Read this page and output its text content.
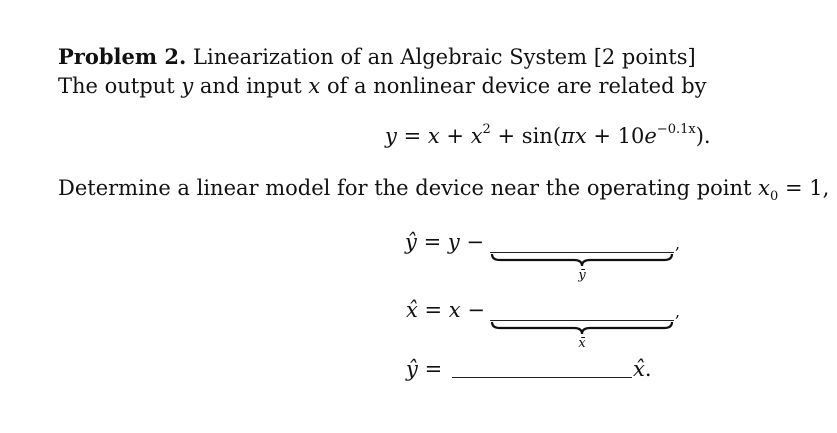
Problem 2. Linearization of an Algebraic System [2 points]
The output y and input x of a nonlinear device are related by
$y = x + x^2 + \sin(\pi x + 10e^{-0.1x})$.
Determine a linear model for the device near the operating point $x_0 = 1$,
ŷ = y −	,
ȳ
x̂ = x −	,
x̄
ŷ =	x̂.
